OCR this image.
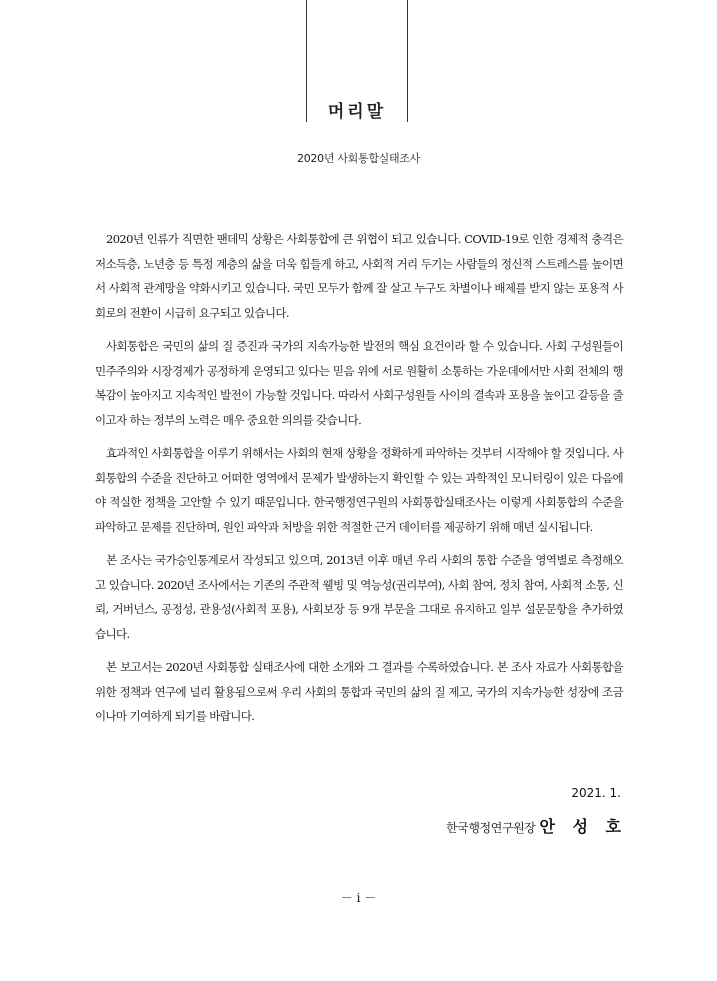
머리말

2020년 사회통합실태조사

2020년 인류가 직면한 팬데믹 상황은 사회통합에 큰 위협이 되고 있습니다. COVID-19로 인한 경제적 충격은 저소득층, 노년층 등 특정 계층의 삶을 더욱 힘들게 하고, 사회적 거리 두기는 사람들의 정신적 스트레스를 높이면서 사회적 관계망을 약화시키고 있습니다. 국민 모두가 함께 잘 살고 누구도 차별이나 배제를 받지 않는 포용적 사회로의 전환이 시급히 요구되고 있습니다.

사회통합은 국민의 삶의 질 증진과 국가의 지속가능한 발전의 핵심 요건이라 할 수 있습니다. 사회 구성원들이 민주주의와 시장경제가 공정하게 운영되고 있다는 믿음 위에 서로 원활히 소통하는 가운데에서만 사회 전체의 행복감이 높아지고 지속적인 발전이 가능할 것입니다. 따라서 사회구성원들 사이의 결속과 포용을 높이고 갈등을 줄이고자 하는 정부의 노력은 매우 중요한 의의를 갖습니다.

효과적인 사회통합을 이루기 위해서는 사회의 현재 상황을 정확하게 파악하는 것부터 시작해야 할 것입니다. 사회통합의 수준을 진단하고 어떠한 영역에서 문제가 발생하는지 확인할 수 있는 과학적인 모니터링이 있은 다음에야 적실한 정책을 고안할 수 있기 때문입니다. 한국행정연구원의 사회통합실태조사는 이렇게 사회통합의 수준을 파악하고 문제를 진단하며, 원인 파악과 처방을 위한 적절한 근거 데이터를 제공하기 위해 매년 실시됩니다.

본 조사는 국가승인통계로서 작성되고 있으며, 2013년 이후 매년 우리 사회의 통합 수준을 영역별로 측정해오고 있습니다. 2020년 조사에서는 기존의 주관적 웰빙 및 역능성(권리부여), 사회 참여, 정치 참여, 사회적 소통, 신뢰, 거버넌스, 공정성, 관용성(사회적 포용), 사회보장 등 9개 부문을 그대로 유지하고 일부 설문문항을 추가하였습니다.

본 보고서는 2020년 사회통합 실태조사에 대한 소개와 그 결과를 수록하였습니다. 본 조사 자료가 사회통합을 위한 정책과 연구에 널리 활용됨으로써 우리 사회의 통합과 국민의 삶의 질 제고, 국가의 지속가능한 성장에 조금이나마 기여하게 되기를 바랍니다.

2021. 1.

한국행정연구원장 안 성 호

－ i －
